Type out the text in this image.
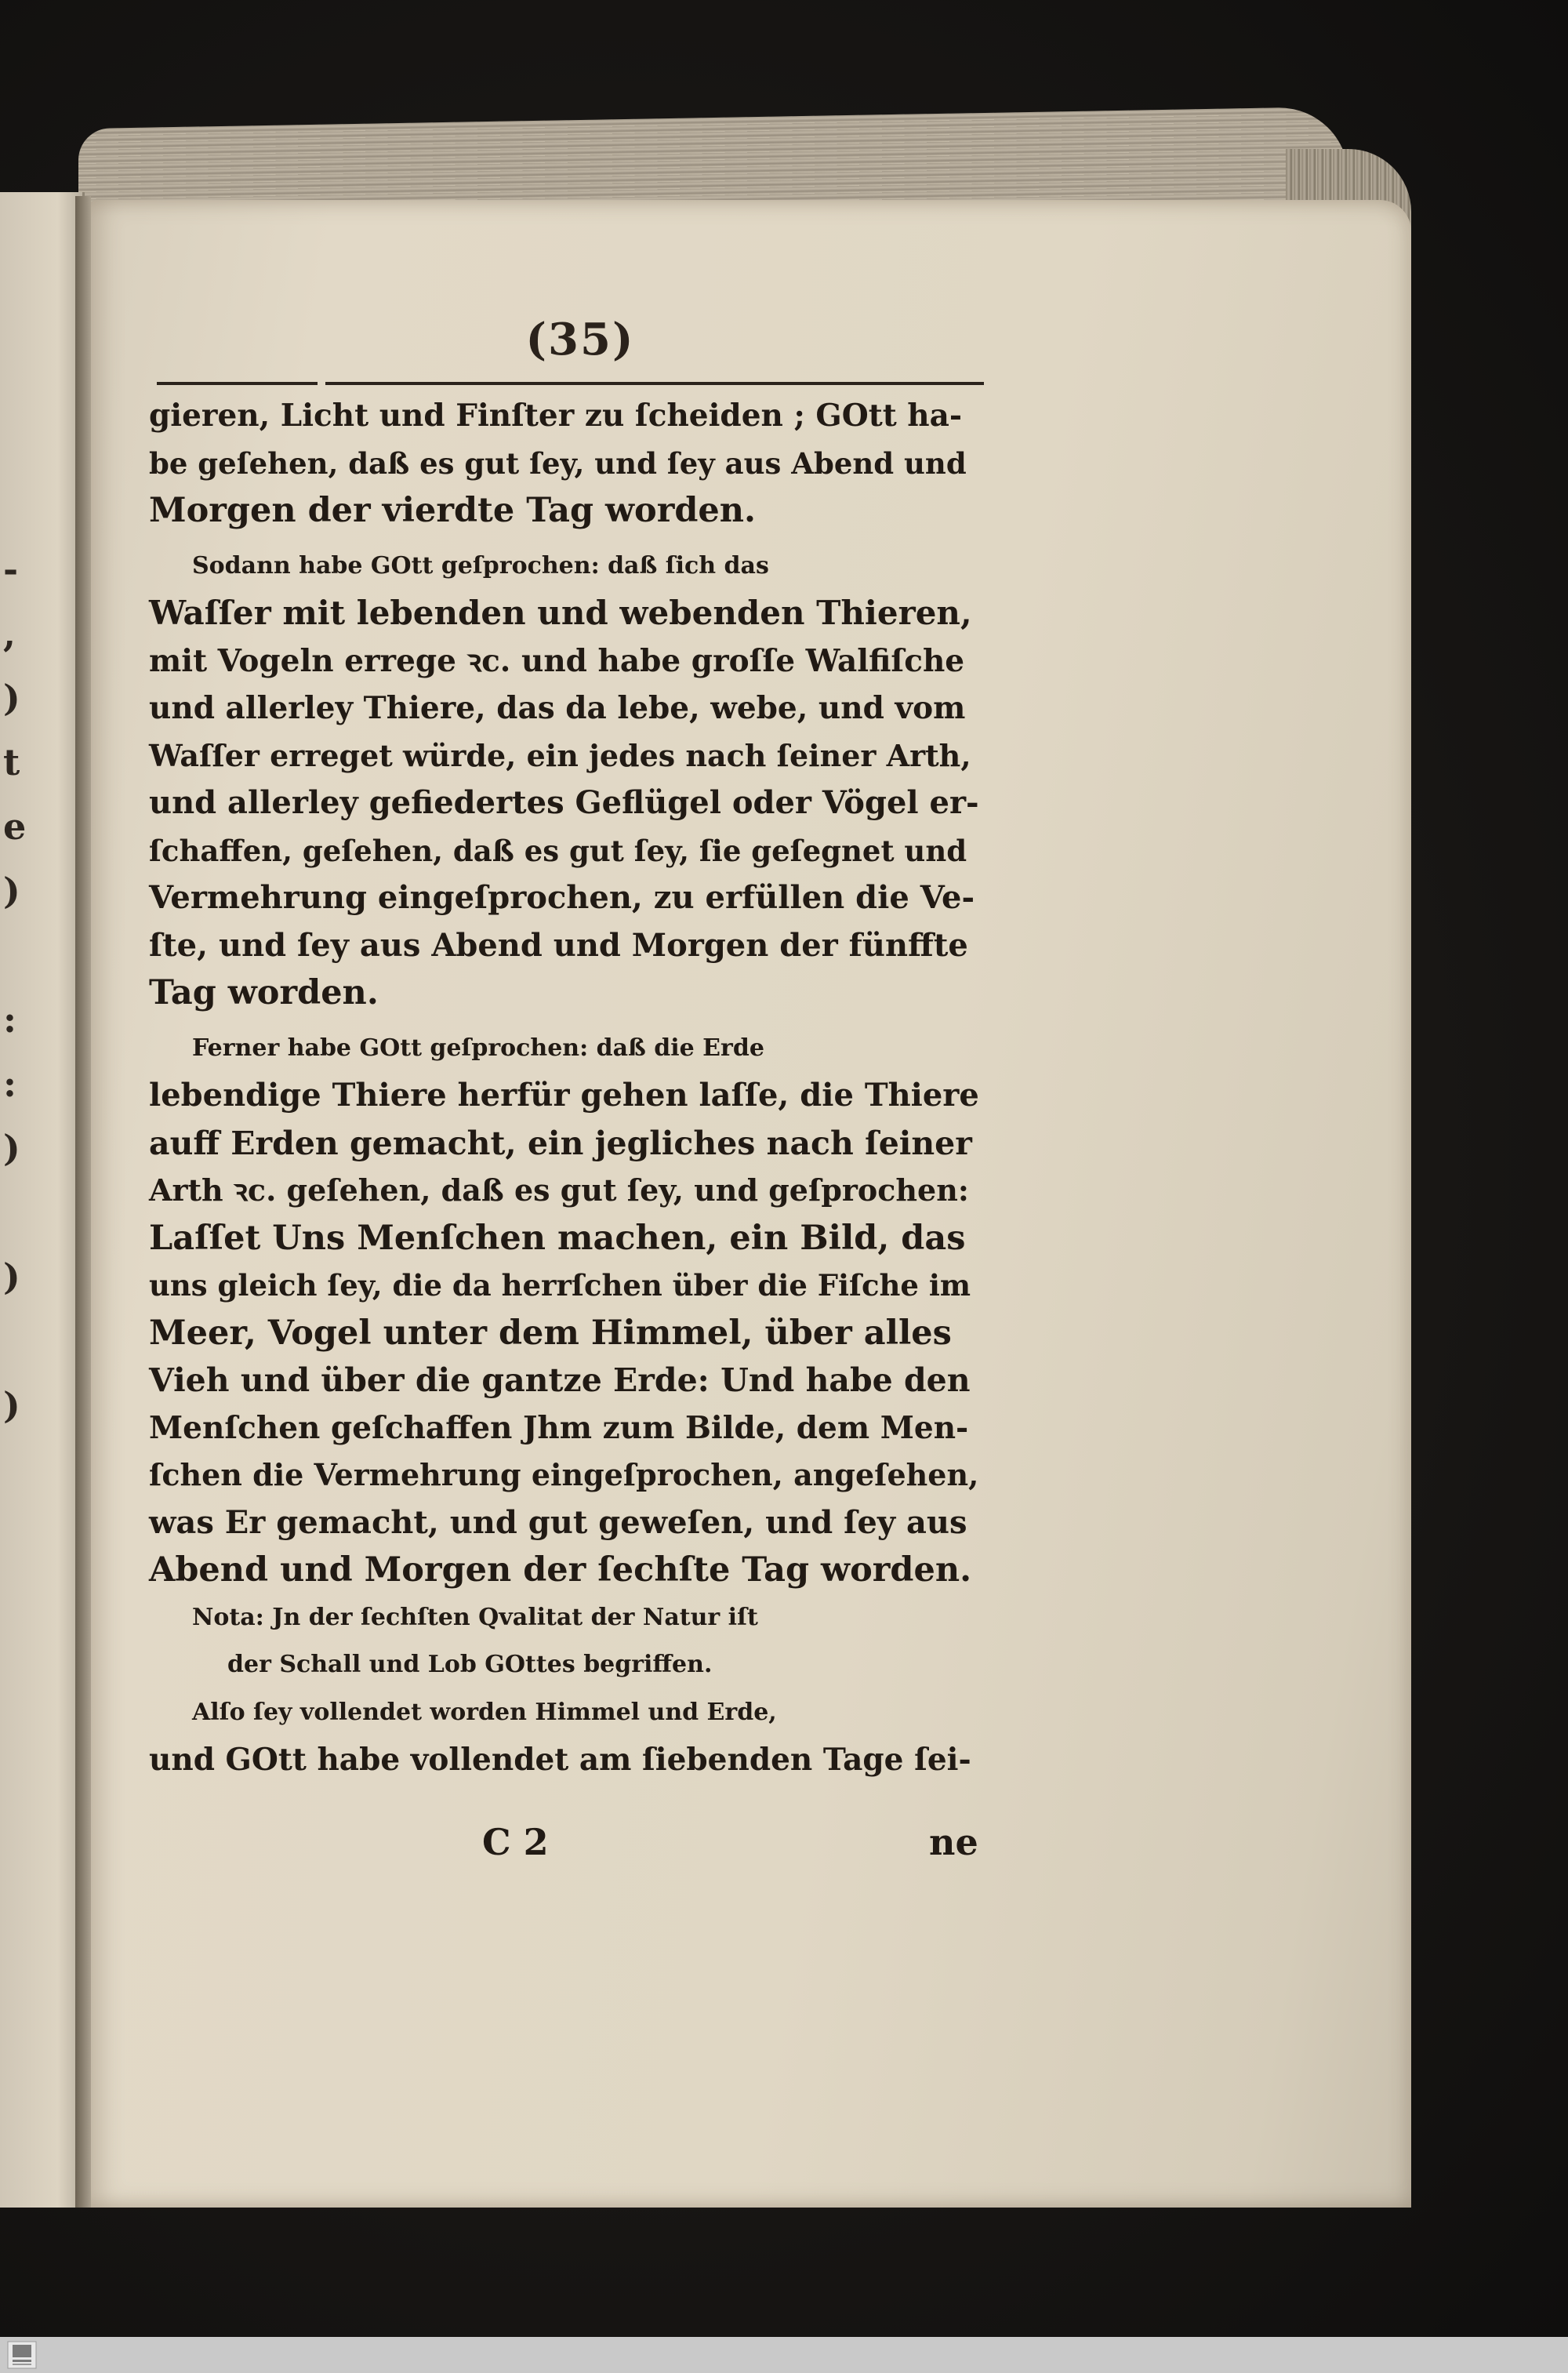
-
,
)
t
e
)

:
:
)

)

)
(35)
gieren, Licht und Finſter zu ſcheiden ; GOtt ha-
be geſehen, daß es gut ſey, und ſey aus Abend und
Morgen der vierdte Tag worden.
Sodann habe GOtt geſprochen: daß ſich das
Waſſer mit lebenden und webenden Thieren,
mit Vogeln errege ꝛc. und habe groſſe Walfiſche
und allerley Thiere, das da lebe, webe, und vom
Waſſer erreget würde, ein jedes nach ſeiner Arth,
und allerley gefiedertes Geflügel oder Vögel er-
ſchaffen, geſehen, daß es gut ſey, ſie geſegnet und
Vermehrung eingeſprochen, zu erfüllen die Ve-
ſte, und ſey aus Abend und Morgen der fünffte
Tag worden.
Ferner habe GOtt geſprochen: daß die Erde
lebendige Thiere herfür gehen laſſe, die Thiere
auff Erden gemacht, ein jegliches nach ſeiner
Arth ꝛc. geſehen, daß es gut ſey, und geſprochen:
Laſſet Uns Menſchen machen, ein Bild, das
uns gleich ſey, die da herrſchen über die Fiſche im
Meer, Vogel unter dem Himmel, über alles
Vieh und über die gantze Erde: Und habe den
Menſchen geſchaffen Jhm zum Bilde, dem Men-
ſchen die Vermehrung eingeſprochen, angeſehen,
was Er gemacht, und gut geweſen, und ſey aus
Abend und Morgen der ſechſte Tag worden.
Nota: Jn der ſechſten Qvalitat der Natur iſt
der Schall und Lob GOttes begriffen.
Alſo ſey vollendet worden Himmel und Erde,
und GOtt habe vollendet am ſiebenden Tage ſei-
C 2	ne
